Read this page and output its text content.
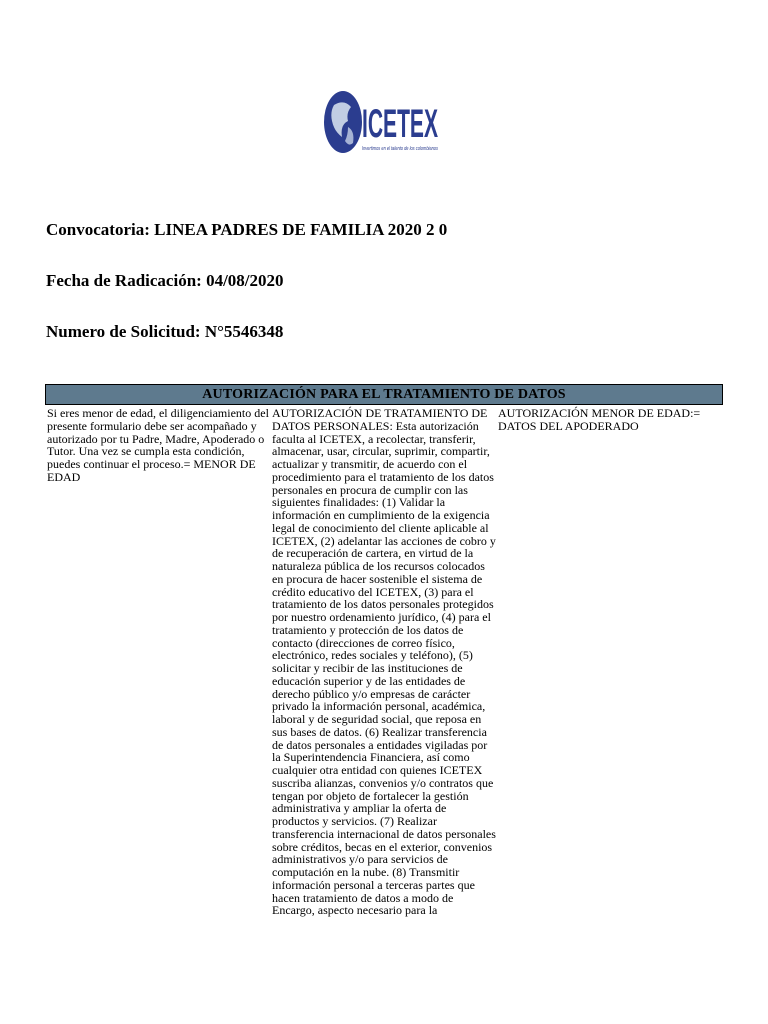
ICETEX
Invertimos en el talento de los colombianos
Convocatoria: LINEA PADRES DE FAMILIA 2020 2 0
Fecha de Radicación: 04/08/2020
Numero de Solicitud: N°5546348
AUTORIZACIÓN PARA EL TRATAMIENTO DE DATOS
Si eres menor de edad, el diligenciamiento del presente formulario debe ser acompañado y autorizado por tu Padre, Madre, Apoderado o Tutor. Una vez se cumpla esta condición, puedes continuar el proceso.= MENOR DE EDAD
AUTORIZACIÓN DE TRATAMIENTO DE DATOS PERSONALES: Esta autorización faculta al ICETEX, a recolectar, transferir, almacenar, usar, circular, suprimir, compartir, actualizar y transmitir, de acuerdo con el procedimiento para el tratamiento de los datos personales en procura de cumplir con las siguientes finalidades: (1) Validar la información en cumplimiento de la exigencia legal de conocimiento del cliente aplicable al ICETEX, (2) adelantar las acciones de cobro y de recuperación de cartera, en virtud de la naturaleza pública de los recursos colocados en procura de hacer sostenible el sistema de crédito educativo del ICETEX, (3) para el tratamiento de los datos personales protegidos por nuestro ordenamiento jurídico, (4) para el tratamiento y protección de los datos de contacto (direcciones de correo físico, electrónico, redes sociales y teléfono), (5) solicitar y recibir de las instituciones de educación superior y de las entidades de derecho público y/o empresas de carácter privado la información personal, académica, laboral y de seguridad social, que reposa en sus bases de datos. (6) Realizar transferencia de datos personales a entidades vigiladas por la Superintendencia Financiera, así como cualquier otra entidad con quienes ICETEX suscriba alianzas, convenios y/o contratos que tengan por objeto de fortalecer la gestión administrativa y ampliar la oferta de productos y servicios. (7) Realizar transferencia internacional de datos personales sobre créditos, becas en el exterior, convenios administrativos y/o para servicios de computación en la nube. (8) Transmitir información personal a terceras partes que hacen tratamiento de datos a modo de Encargo, aspecto necesario para la
AUTORIZACIÓN MENOR DE EDAD:= DATOS DEL APODERADO
